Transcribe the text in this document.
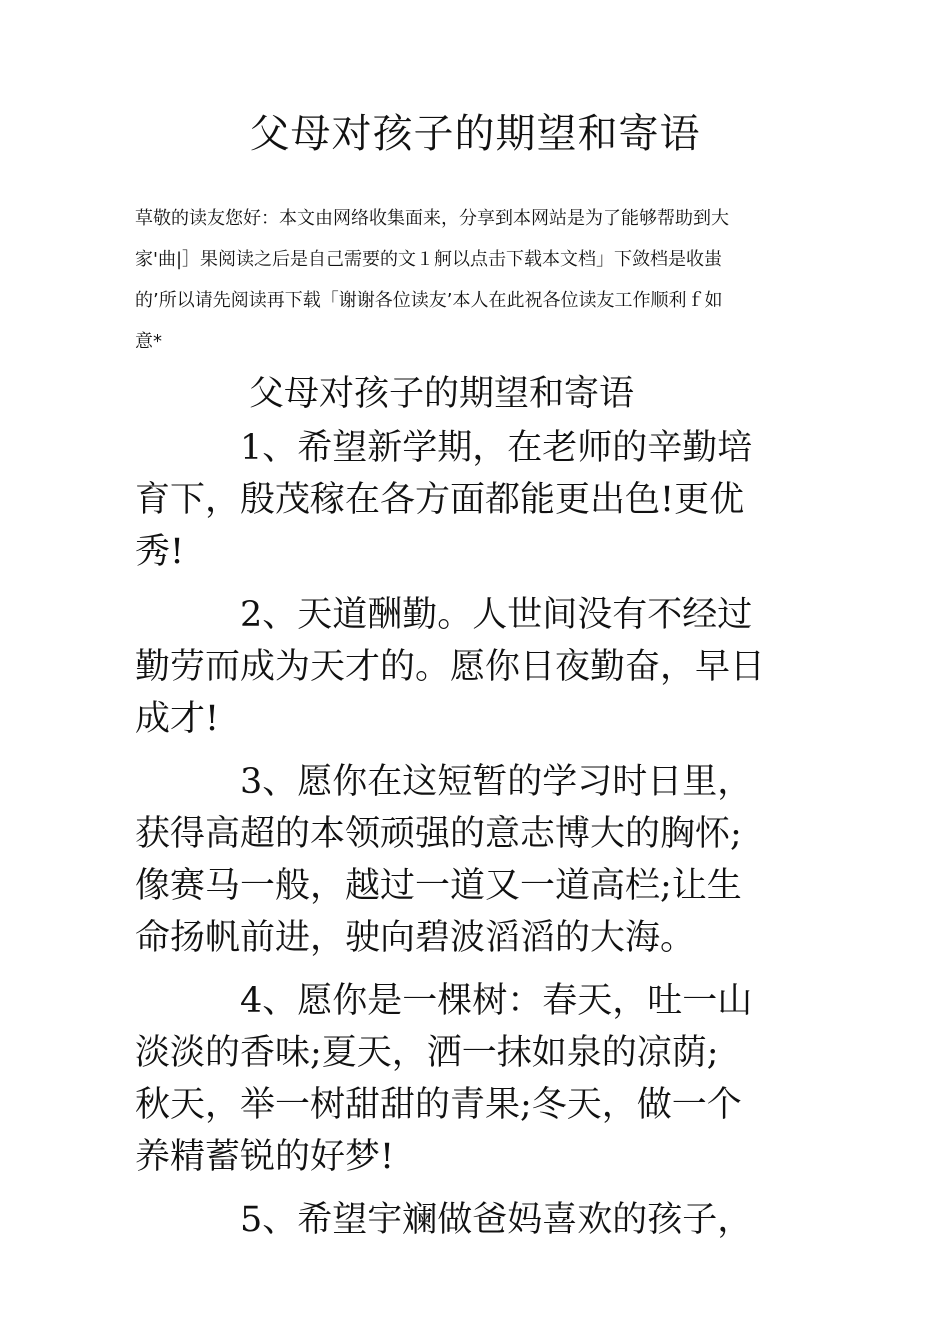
父母对孩子的期望和寄语
草敬的读友您好：本文由网络收集面来，分享到本网站是为了能够帮助到大
家'曲|］果阅读之后是自己需要的文１舸以点击下载本文档」下敛档是收蚩
的’所以请先阅读再下载「谢谢各位读友’本人在此祝各位读友工作顺利ｆ如
意*
父母对孩子的期望和寄语
1、希望新学期，在老师的辛勤培
育下，殷茂稼在各方面都能更出色!更优
秀!
2、天道酬勤。人世间没有不经过
勤劳而成为天才的。愿你日夜勤奋，早日
成才!
3、愿你在这短暂的学习时日里，
获得高超的本领顽强的意志博大的胸怀;
像赛马一般，越过一道又一道高栏;让生
命扬帆前进，驶向碧波滔滔的大海。
4、愿你是一棵树：春天，吐一山
淡淡的香味;夏天，洒一抹如泉的凉荫;
秋天，举一树甜甜的青果;冬天，做一个
养精蓄锐的好梦!
5、希望宇斓做爸妈喜欢的孩子，
